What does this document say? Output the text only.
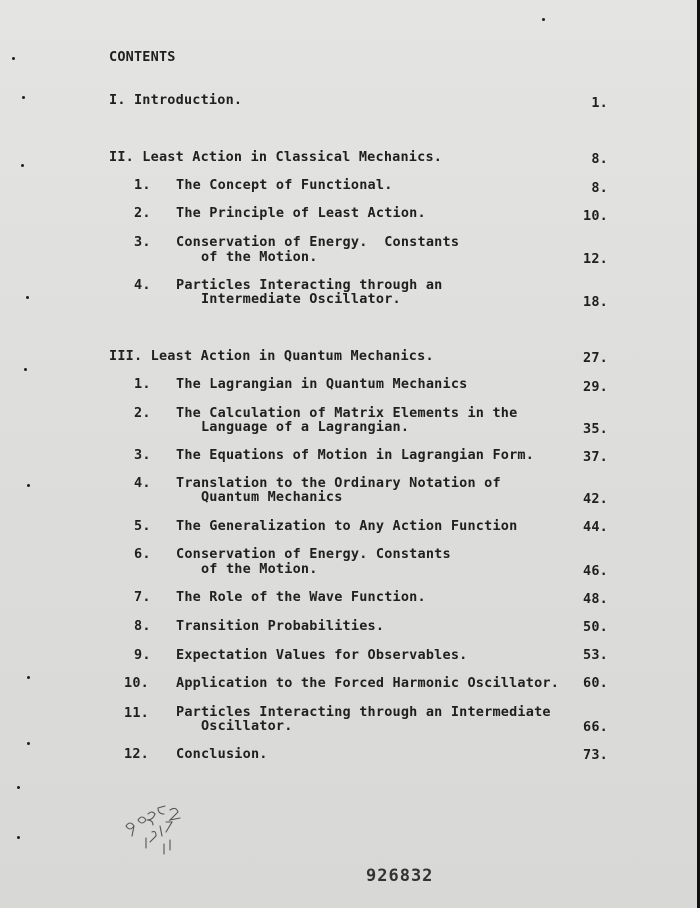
CONTENTS

I. Introduction.	1.

II. Least Action in Classical Mechanics.	8.

1. The Concept of Functional.	8.

2. The Principle of Least Action.	10.

3. Conservation of Energy.  Constants

of the Motion.	12.

4. Particles Interacting through an

Intermediate Oscillator.	18.

III. Least Action in Quantum Mechanics.	27.

1. The Lagrangian in Quantum Mechanics	29.

2. The Calculation of Matrix Elements in the

Language of a Lagrangian.	35.

3. The Equations of Motion in Lagrangian Form.	37.

4. Translation to the Ordinary Notation of

Quantum Mechanics	42.

5. The Generalization to Any Action Function	44.

6. Conservation of Energy. Constants

of the Motion.	46.

7. The Role of the Wave Function.	48.

8. Transition Probabilities.	50.

9. Expectation Values for Observables.	53.

10. Application to the Forced Harmonic Oscillator.	60.

11. Particles Interacting through an Intermediate

Oscillator.	66.

12. Conclusion.	73.

926832
